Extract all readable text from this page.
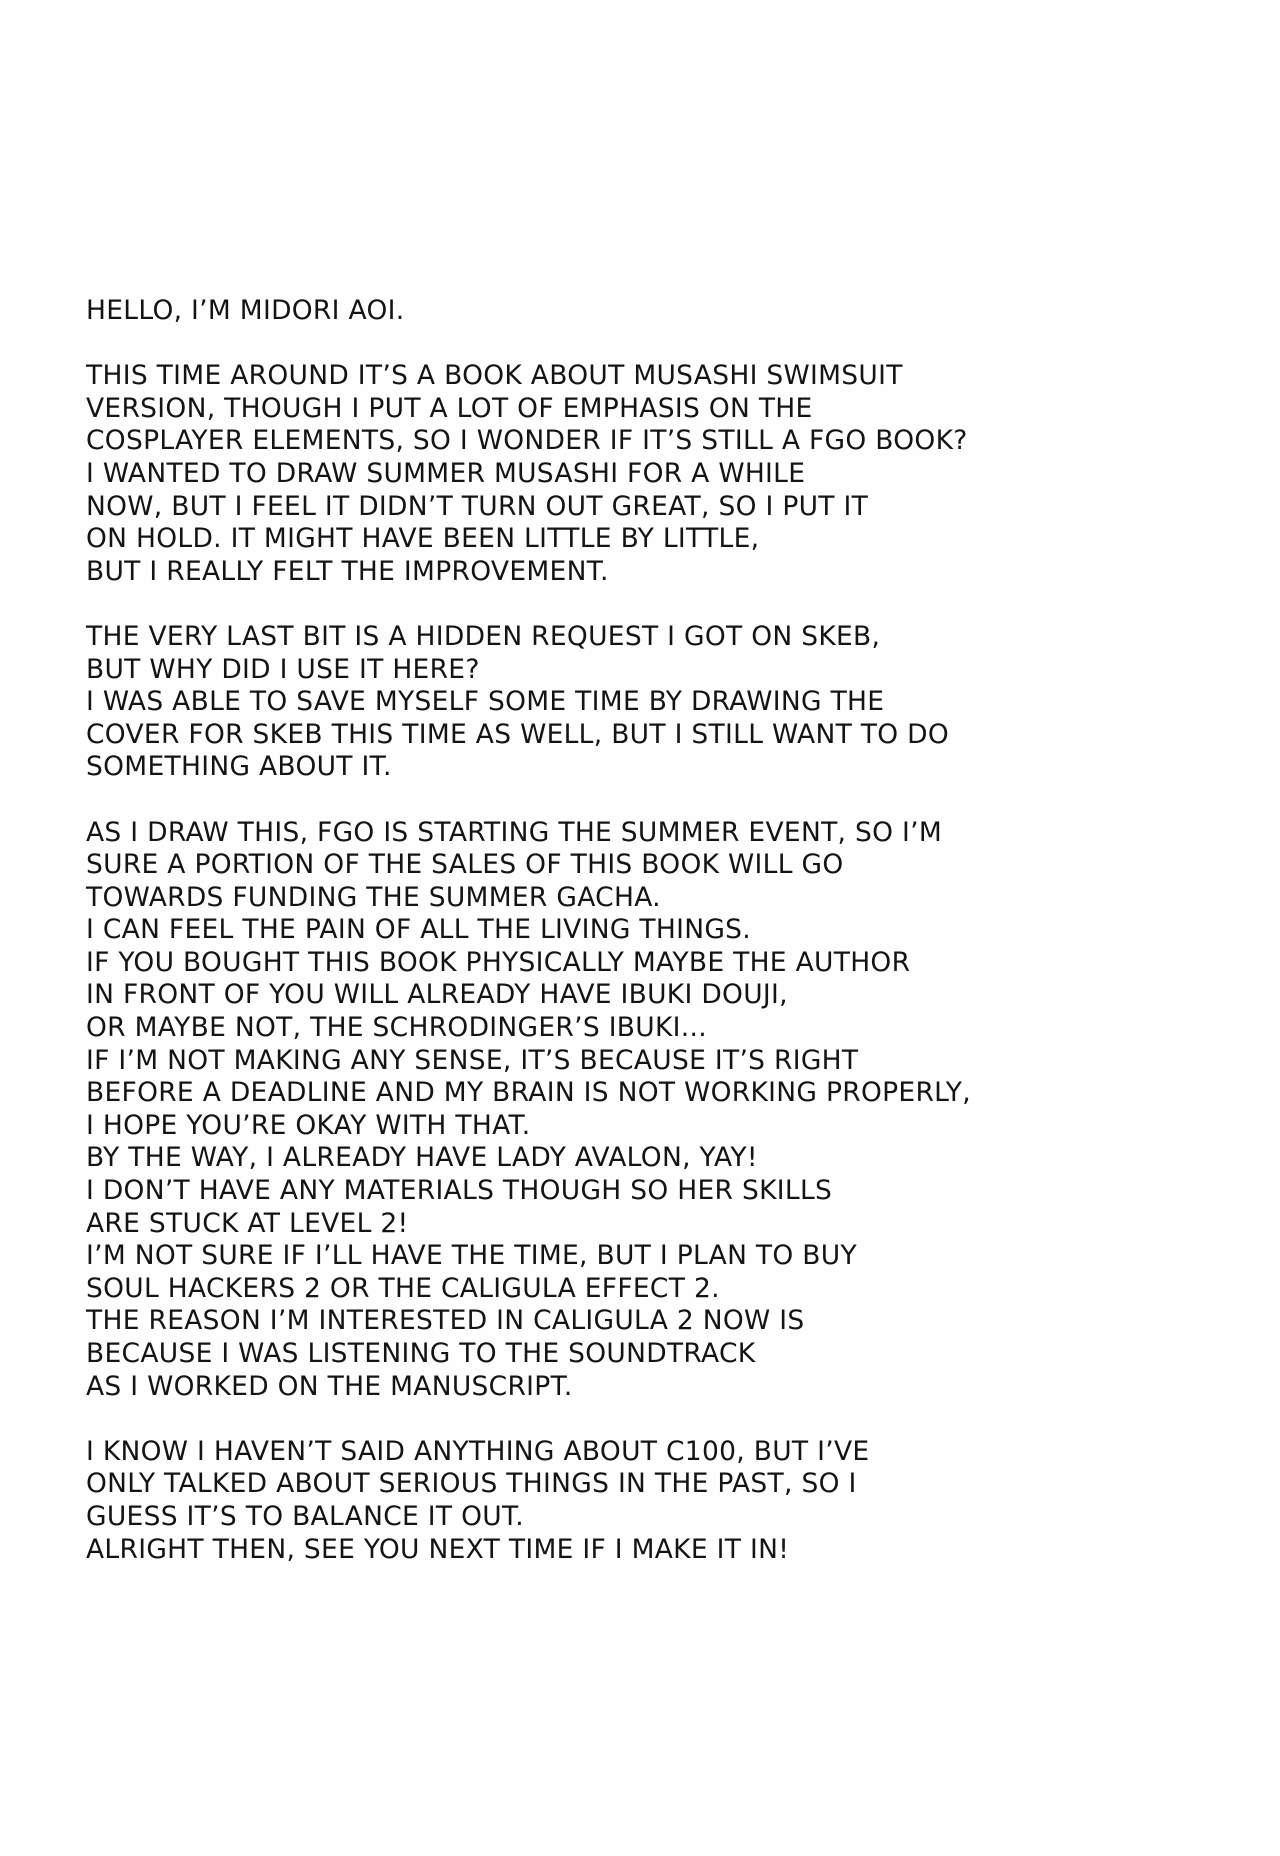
HELLO, I’M MIDORI AOI.
THIS TIME AROUND IT’S A BOOK ABOUT MUSASHI SWIMSUIT
VERSION, THOUGH I PUT A LOT OF EMPHASIS ON THE
COSPLAYER ELEMENTS, SO I WONDER IF IT’S STILL A FGO BOOK?
I WANTED TO DRAW SUMMER MUSASHI FOR A WHILE
NOW, BUT I FEEL IT DIDN’T TURN OUT GREAT, SO I PUT IT
ON HOLD. IT MIGHT HAVE BEEN LITTLE BY LITTLE,
BUT I REALLY FELT THE IMPROVEMENT.
THE VERY LAST BIT IS A HIDDEN REQUEST I GOT ON SKEB,
BUT WHY DID I USE IT HERE?
I WAS ABLE TO SAVE MYSELF SOME TIME BY DRAWING THE
COVER FOR SKEB THIS TIME AS WELL, BUT I STILL WANT TO DO
SOMETHING ABOUT IT.
AS I DRAW THIS, FGO IS STARTING THE SUMMER EVENT, SO I’M
SURE A PORTION OF THE SALES OF THIS BOOK WILL GO
TOWARDS FUNDING THE SUMMER GACHA.
I CAN FEEL THE PAIN OF ALL THE LIVING THINGS.
IF YOU BOUGHT THIS BOOK PHYSICALLY MAYBE THE AUTHOR
IN FRONT OF YOU WILL ALREADY HAVE IBUKI DOUJI,
OR MAYBE NOT, THE SCHRODINGER’S IBUKI...
IF I’M NOT MAKING ANY SENSE, IT’S BECAUSE IT’S RIGHT
BEFORE A DEADLINE AND MY BRAIN IS NOT WORKING PROPERLY,
I HOPE YOU’RE OKAY WITH THAT.
BY THE WAY, I ALREADY HAVE LADY AVALON, YAY!
I DON’T HAVE ANY MATERIALS THOUGH SO HER SKILLS
ARE STUCK AT LEVEL 2!
I’M NOT SURE IF I’LL HAVE THE TIME, BUT I PLAN TO BUY
SOUL HACKERS 2 OR THE CALIGULA EFFECT 2.
THE REASON I’M INTERESTED IN CALIGULA 2 NOW IS
BECAUSE I WAS LISTENING TO THE SOUNDTRACK
AS I WORKED ON THE MANUSCRIPT.
I KNOW I HAVEN’T SAID ANYTHING ABOUT C100, BUT I’VE
ONLY TALKED ABOUT SERIOUS THINGS IN THE PAST, SO I
GUESS IT’S TO BALANCE IT OUT.
ALRIGHT THEN, SEE YOU NEXT TIME IF I MAKE IT IN!
